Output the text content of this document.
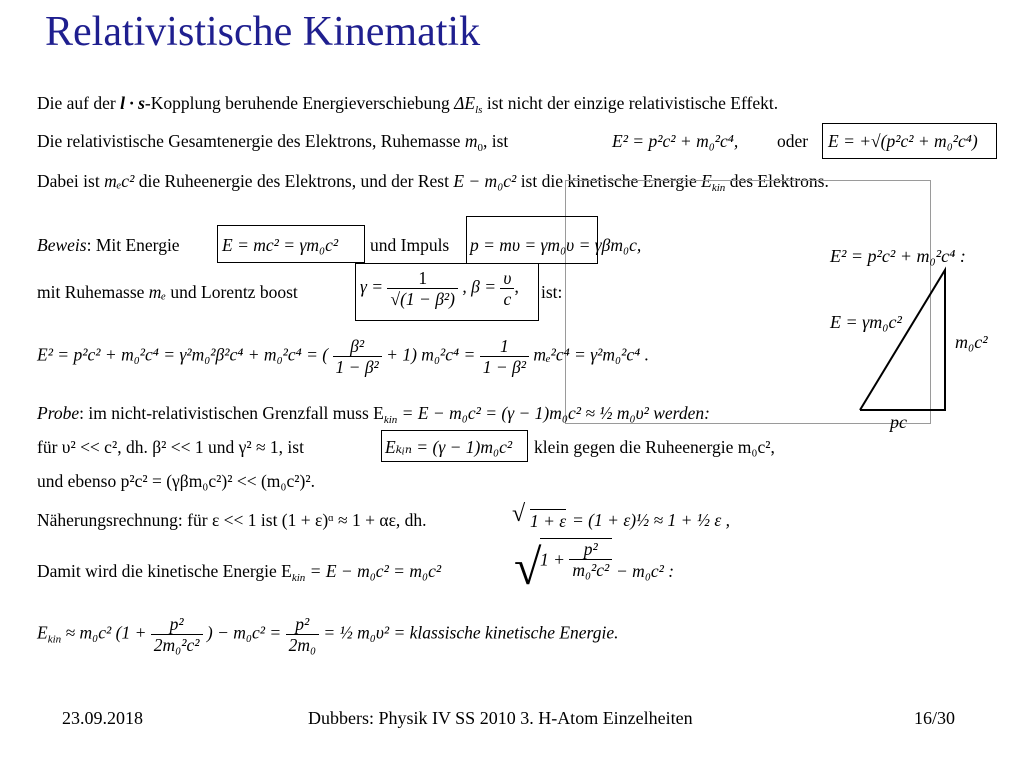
Relativistische Kinematik
Die auf der l · s-Kopplung beruhende Energieverschiebung $\Delta E_{ls}$ ist nicht der einzige relativistische Effekt.
Die relativistische Gesamtenergie des Elektrons, Ruhemasse $m_0$, ist	E² = p²c² + m₀²c⁴, oder E = +√(p²c² + m₀²c⁴)
Dabei ist mₑc² die Ruheenergie des Elektrons, und der Rest E − m₀c² ist die kinetische Energie $E_{kin}$ des Elektrons.
Beweis: Mit Energie E = mc² = γm₀c² und Impuls p = mυ = γm₀υ = γβm₀c,
mit Ruhemasse mₑ und Lorentz boost	$\gamma = \frac{1}{\text{√(1 − β²)}}$ , $\beta = \frac{\upsilon}{c}$ , ist:
E² = p²c² + m₀²c⁴ = γ²m₀²β²c⁴ + m₀²c⁴ = ( $\frac{\text{β²}}{\text{1 − β²}} + 1$) $m_0^2c^4 = \frac{1}{\text{1 − β²}} m_e^2c^4 = \gamma^2m_0^2c^4$ .
Probe: im nicht-relativistischen Grenzfall muss $E_{kin} = E - m_0c^2 = (\gamma - 1)m_0c^2$ ≈ ½ m₀υ² werden:
für υ² << c², dh. β² << 1 und γ² ≈ 1, ist	Eₖᵢₙ = (γ − 1)m₀c² klein gegen die Ruheenergie m₀c²,
und ebenso p²c² = (γβm₀c²)² << (m₀c²)².
Näherungsrechnung: für ε << 1 ist (1 + ε)ᵅ ≈ 1 + αε, dh.	√ 1 + ε = (1 + ε)½ ≈ 1 + ½ ε ,
Damit wird die kinetische Energie $E_{kin} = E - m_0c^2 = m_0c^2$ √
$1 + \frac{\text{p²}}{\text{m₀²c²}} - m_0c^2$ :
$E_{kin} \approx m_0c^2$ ($1 + \frac{\text{p²}}{\text{2m₀²c²}}$ ) − $m_0c^2 = \frac{\text{p²}}{\text{2m₀}}$ = ½ m₀υ² = klassische kinetische Energie.
E² = p²c² + m₀²c⁴ :
E = γm₀c²
m₀c²
pc
23.09.2018	Dubbers: Physik IV SS 2010 3. H-Atom Einzelheiten	16/30
